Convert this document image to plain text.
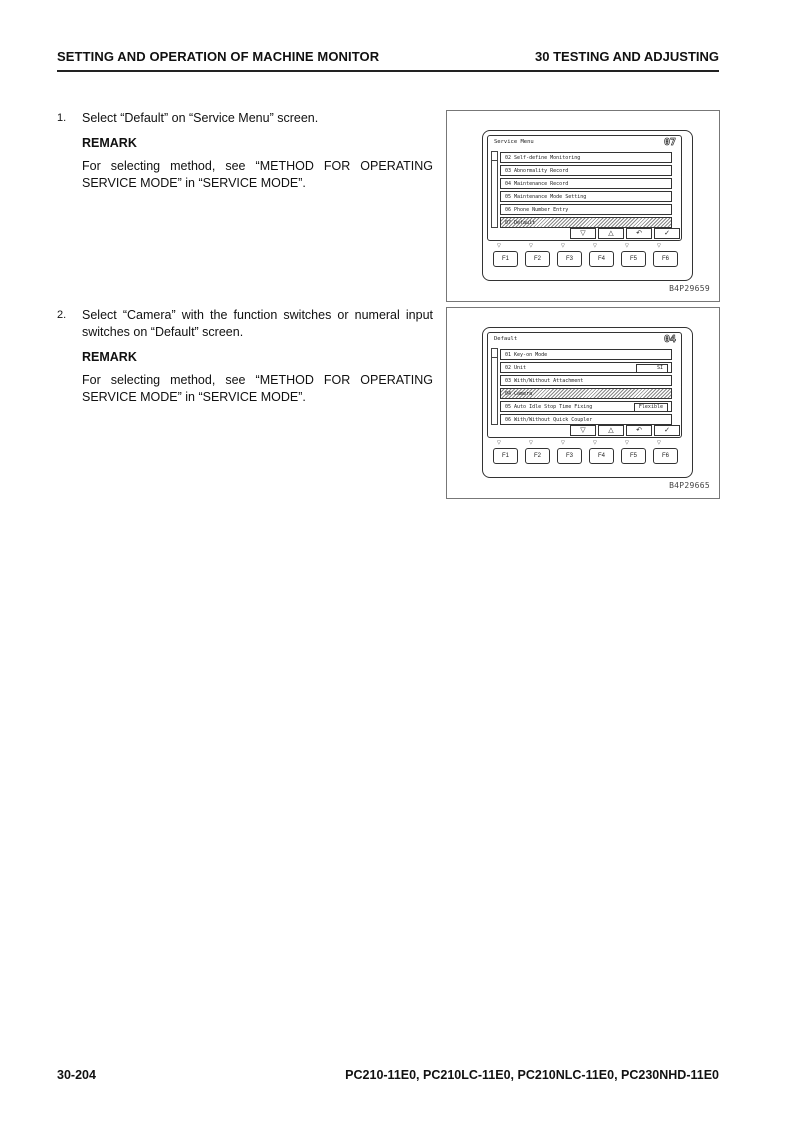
SETTING AND OPERATION OF MACHINE MONITOR	30 TESTING AND ADJUSTING
1. Select “Default” on “Service Menu” screen.
REMARK
For selecting method, see “METHOD FOR OPERATING SERVICE MODE” in “SERVICE MODE”.
Service Menu	07
02 Self-define Monitoring
03 Abnormality Record
04 Maintenance Record
05 Maintenance Mode Setting
06 Phone Number Entry
07 Default
▽	△	↶	✓
▽	▽	▽	▽	▽	▽
F1	F2	F3	F4	F5	F6
B4P29659
2. Select “Camera” with the function switches or numeral input switches on “Default” screen.
REMARK
For selecting method, see “METHOD FOR OPERATING SERVICE MODE” in “SERVICE MODE”.
Default	04
01 Key-on Mode
02 Unit	SI
03 With/Without Attachment
04 Camera
05 Auto Idle Stop Time Fixing	Flexible
06 With/Without Quick Coupler
▽	△	↶	✓
▽	▽	▽	▽	▽	▽
F1	F2	F3	F4	F5	F6
B4P29665
30-204	PC210-11E0, PC210LC-11E0, PC210NLC-11E0, PC230NHD-11E0
